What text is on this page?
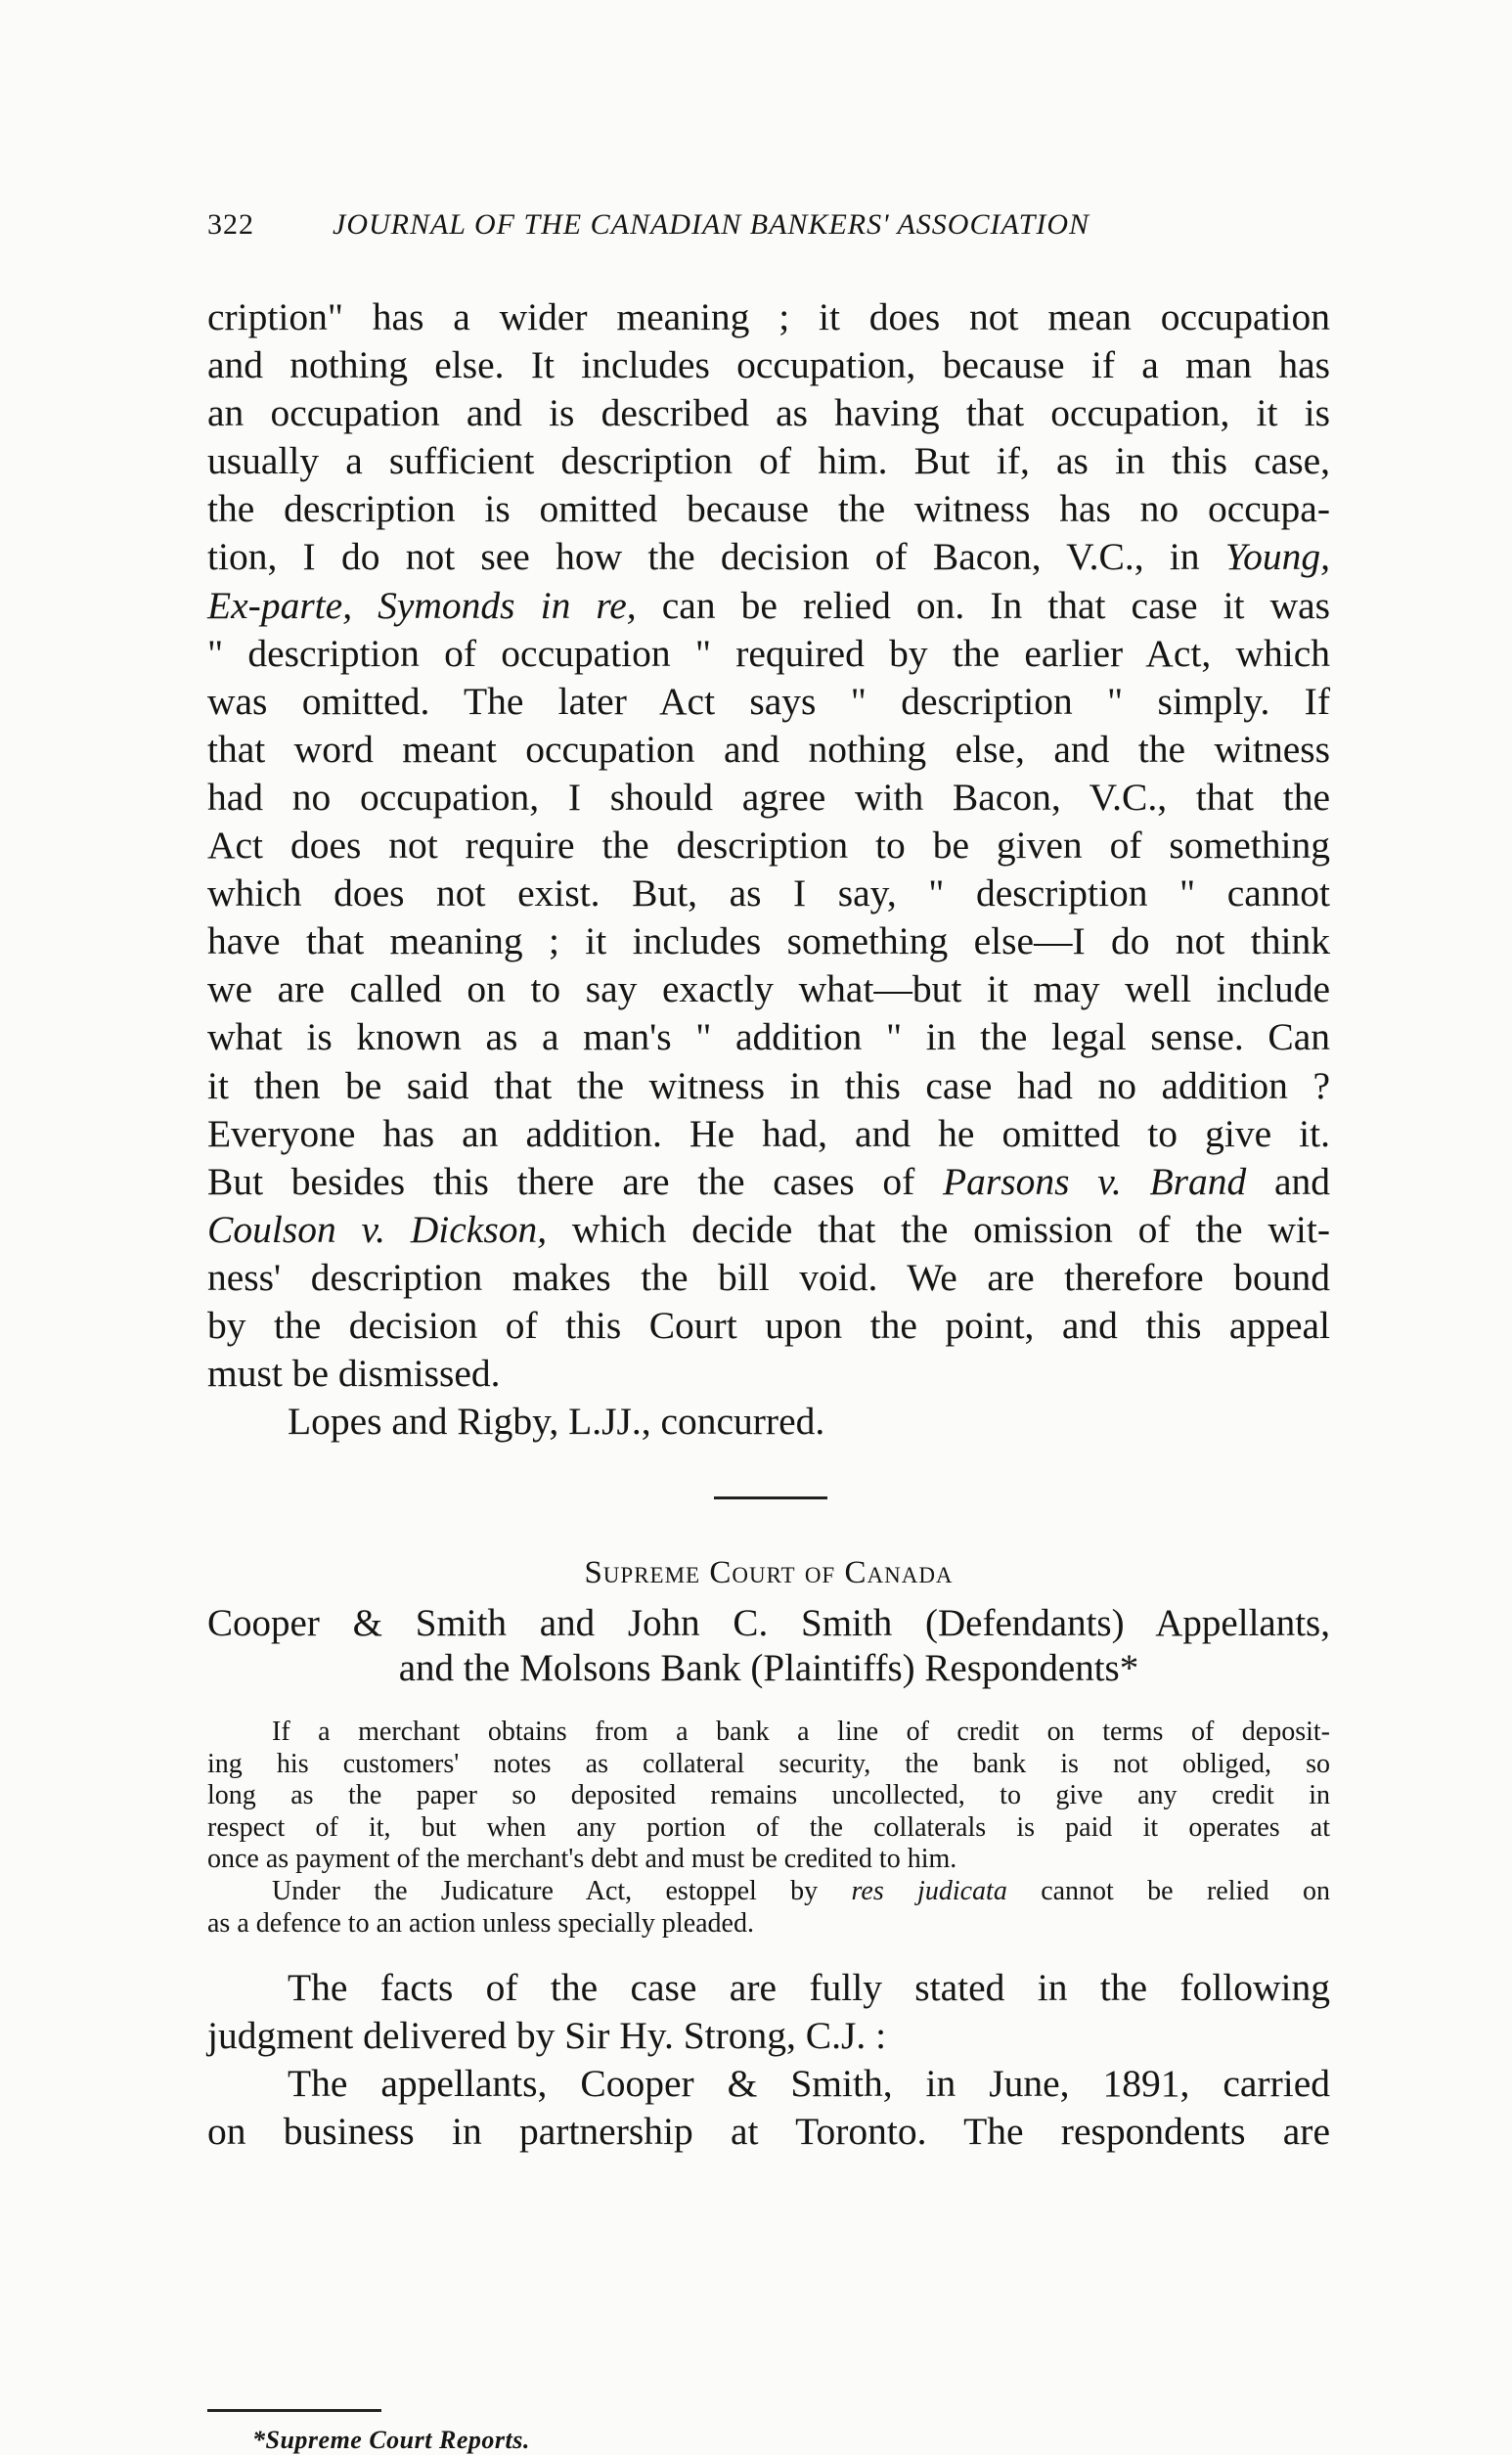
322	JOURNAL OF THE CANADIAN BANKERS' ASSOCIATION
cription" has a wider meaning ; it does not mean occupation
and nothing else. It includes occupation, because if a man has
an occupation and is described as having that occupation, it is
usually a sufficient description of him. But if, as in this case,
the description is omitted because the witness has no occupa-
tion, I do not see how the decision of Bacon, V.C., in Young,
Ex-parte, Symonds in re, can be relied on. In that case it was
" description of occupation " required by the earlier Act, which
was omitted. The later Act says " description " simply. If
that word meant occupation and nothing else, and the witness
had no occupation, I should agree with Bacon, V.C., that the
Act does not require the description to be given of something
which does not exist. But, as I say, " description " cannot
have that meaning ; it includes something else—I do not think
we are called on to say exactly what—but it may well include
what is known as a man's " addition " in the legal sense. Can
it then be said that the witness in this case had no addition ?
Everyone has an addition. He had, and he omitted to give it.
But besides this there are the cases of Parsons v. Brand and
Coulson v. Dickson, which decide that the omission of the wit-
ness' description makes the bill void. We are therefore bound
by the decision of this Court upon the point, and this appeal
must be dismissed.
Lopes and Rigby, L.JJ., concurred.
Supreme Court of Canada
Cooper & Smith and John C. Smith (Defendants) Appellants,
and the Molsons Bank (Plaintiffs) Respondents*
If a merchant obtains from a bank a line of credit on terms of deposit-
ing his customers' notes as collateral security, the bank is not obliged, so
long as the paper so deposited remains uncollected, to give any credit in
respect of it, but when any portion of the collaterals is paid it operates at
once as payment of the merchant's debt and must be credited to him.
Under the Judicature Act, estoppel by res judicata cannot be relied on
as a defence to an action unless specially pleaded.
The facts of the case are fully stated in the following
judgment delivered by Sir Hy. Strong, C.J. :
The appellants, Cooper & Smith, in June, 1891, carried
on business in partnership at Toronto. The respondents are
*Supreme Court Reports.
